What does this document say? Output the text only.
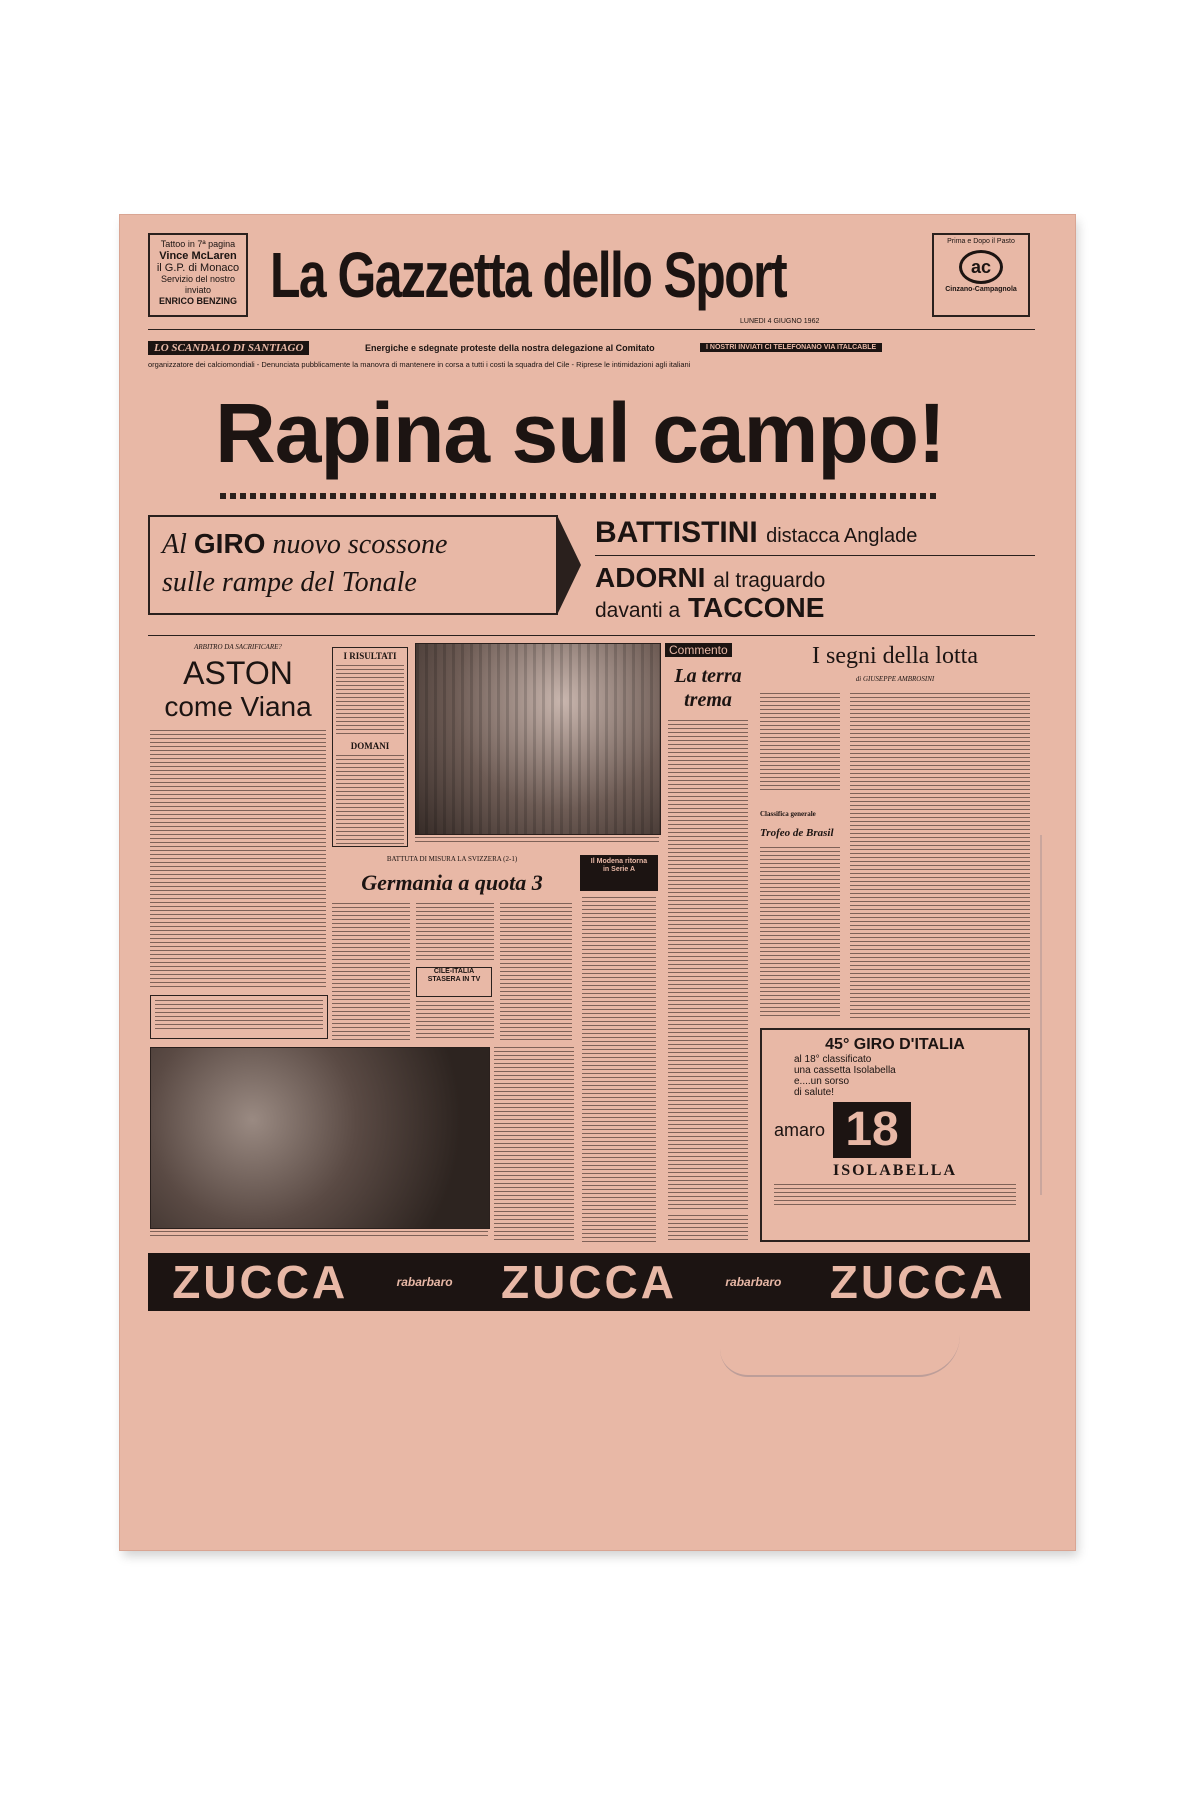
Tattoo in 7ª pagina
Vince McLaren
il G.P. di Monaco
Servizio del nostro inviato
ENRICO BENZING La Gazzetta dello Sport	Prima e Dopo il Pasto
ac
Cinzano-Campagnola
LUNEDI 4 GIUGNO 1962
LO SCANDALO DI SANTIAGO	Energiche e sdegnate proteste della nostra delegazione al Comitato	I NOSTRI INVIATI CI TELEFONANO VIA ITALCABLE
organizzatore dei calciomondiali - Denunciata pubblicamente la manovra di mantenere in corsa a tutti i costi la squadra del Cile - Riprese le intimidazioni agli italiani
Rapina sul campo!
Al GIRO nuovo scossone
sulle rampe del Tonale
BATTISTINI distacca Anglade
ADORNI al traguardo
davanti a TACCONE
ARBITRO DA SACRIFICARE?
ASTON
come Viana
I RISULTATI
DOMANI
Commento
La terra
trema
I segni della lotta
di GIUSEPPE AMBROSINI
Classifica generale
Trofeo de Brasil
BATTUTA DI MISURA LA SVIZZERA (2-1)
Germania a quota 3
CILE-ITALIA STASERA IN TV
Il Modena ritorna
in Serie A
45° GIRO D'ITALIA
al 18° classificato
una cassetta Isolabella
e....un sorso
di salute!
amaro 18
ISOLABELLA
ZUCCA	rabarbaro ZUCCA	rabarbaro ZUCCA
